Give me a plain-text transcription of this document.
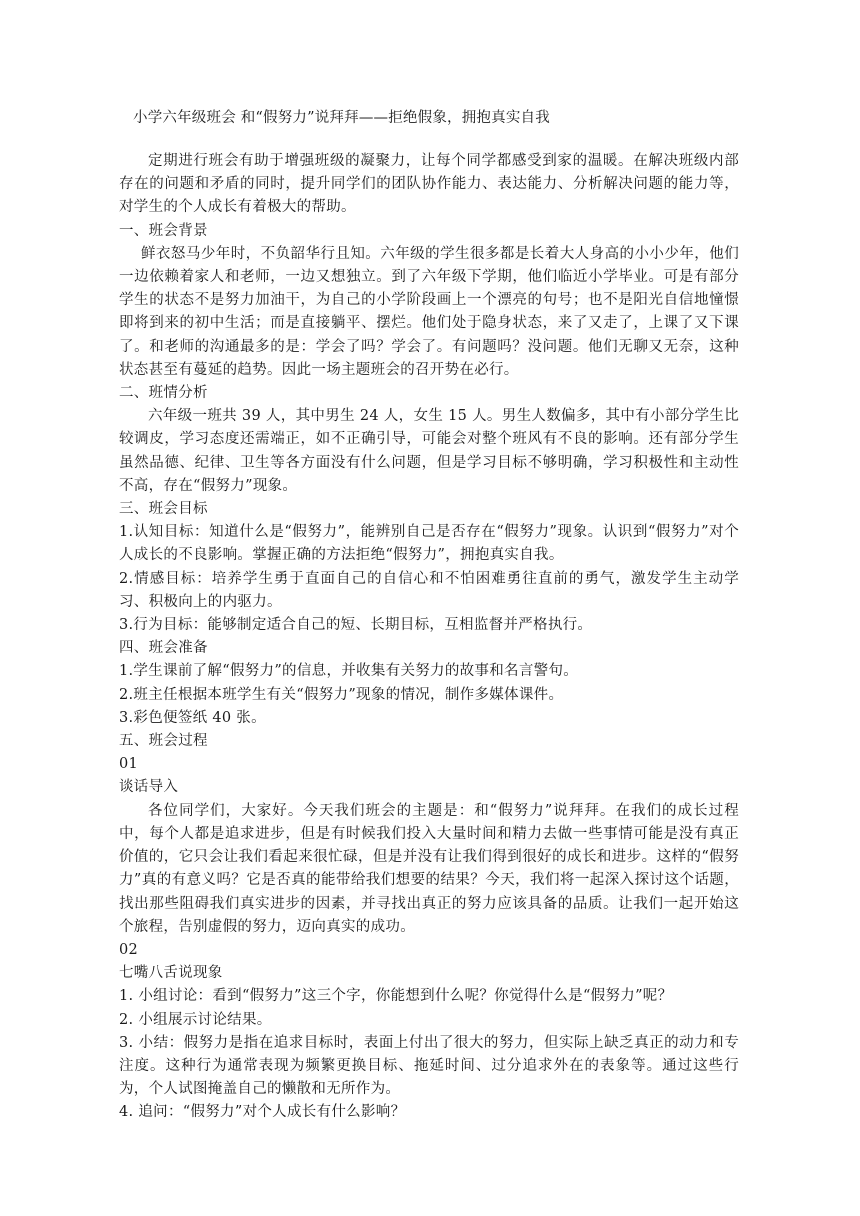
小学六年级班会 和“假努力”说拜拜——拒绝假象，拥抱真实自我

定期进行班会有助于增强班级的凝聚力，让每个同学都感受到家的温暖。在解决班级内部存在的问题和矛盾的同时，提升同学们的团队协作能力、表达能力、分析解决问题的能力等，对学生的个人成长有着极大的帮助。

一、班会背景

鲜衣怒马少年时，不负韶华行且知。六年级的学生很多都是长着大人身高的小小少年，他们一边依赖着家人和老师，一边又想独立。到了六年级下学期，他们临近小学毕业。可是有部分学生的状态不是努力加油干，为自己的小学阶段画上一个漂亮的句号；也不是阳光自信地憧憬即将到来的初中生活；而是直接躺平、摆烂。他们处于隐身状态，来了又走了，上课了又下课了。和老师的沟通最多的是：学会了吗？学会了。有问题吗？没问题。他们无聊又无奈，这种状态甚至有蔓延的趋势。因此一场主题班会的召开势在必行。

二、班情分析

六年级一班共 39 人，其中男生 24 人，女生 15 人。男生人数偏多，其中有小部分学生比较调皮，学习态度还需端正，如不正确引导，可能会对整个班风有不良的影响。还有部分学生虽然品德、纪律、卫生等各方面没有什么问题，但是学习目标不够明确，学习积极性和主动性不高，存在“假努力”现象。

三、班会目标

1.认知目标：知道什么是“假努力”，能辨别自己是否存在“假努力”现象。认识到“假努力”对个人成长的不良影响。掌握正确的方法拒绝“假努力”，拥抱真实自我。

2.情感目标：培养学生勇于直面自己的自信心和不怕困难勇往直前的勇气，激发学生主动学习、积极向上的内驱力。

3.行为目标：能够制定适合自己的短、长期目标，互相监督并严格执行。

四、班会准备

1.学生课前了解“假努力”的信息，并收集有关努力的故事和名言警句。

2.班主任根据本班学生有关“假努力”现象的情况，制作多媒体课件。

3.彩色便签纸 40 张。

五、班会过程

01

谈话导入

各位同学们，大家好。今天我们班会的主题是：和“假努力”说拜拜。在我们的成长过程中，每个人都是追求进步，但是有时候我们投入大量时间和精力去做一些事情可能是没有真正价值的，它只会让我们看起来很忙碌，但是并没有让我们得到很好的成长和进步。这样的“假努力”真的有意义吗？它是否真的能带给我们想要的结果？今天，我们将一起深入探讨这个话题，找出那些阻碍我们真实进步的因素，并寻找出真正的努力应该具备的品质。让我们一起开始这个旅程，告别虚假的努力，迈向真实的成功。

02

七嘴八舌说现象

1. 小组讨论：看到“假努力”这三个字，你能想到什么呢？你觉得什么是“假努力”呢？

2. 小组展示讨论结果。

3. 小结：假努力是指在追求目标时，表面上付出了很大的努力，但实际上缺乏真正的动力和专注度。这种行为通常表现为频繁更换目标、拖延时间、过分追求外在的表象等。通过这些行为，个人试图掩盖自己的懒散和无所作为。

4. 追问：“假努力”对个人成长有什么影响？
